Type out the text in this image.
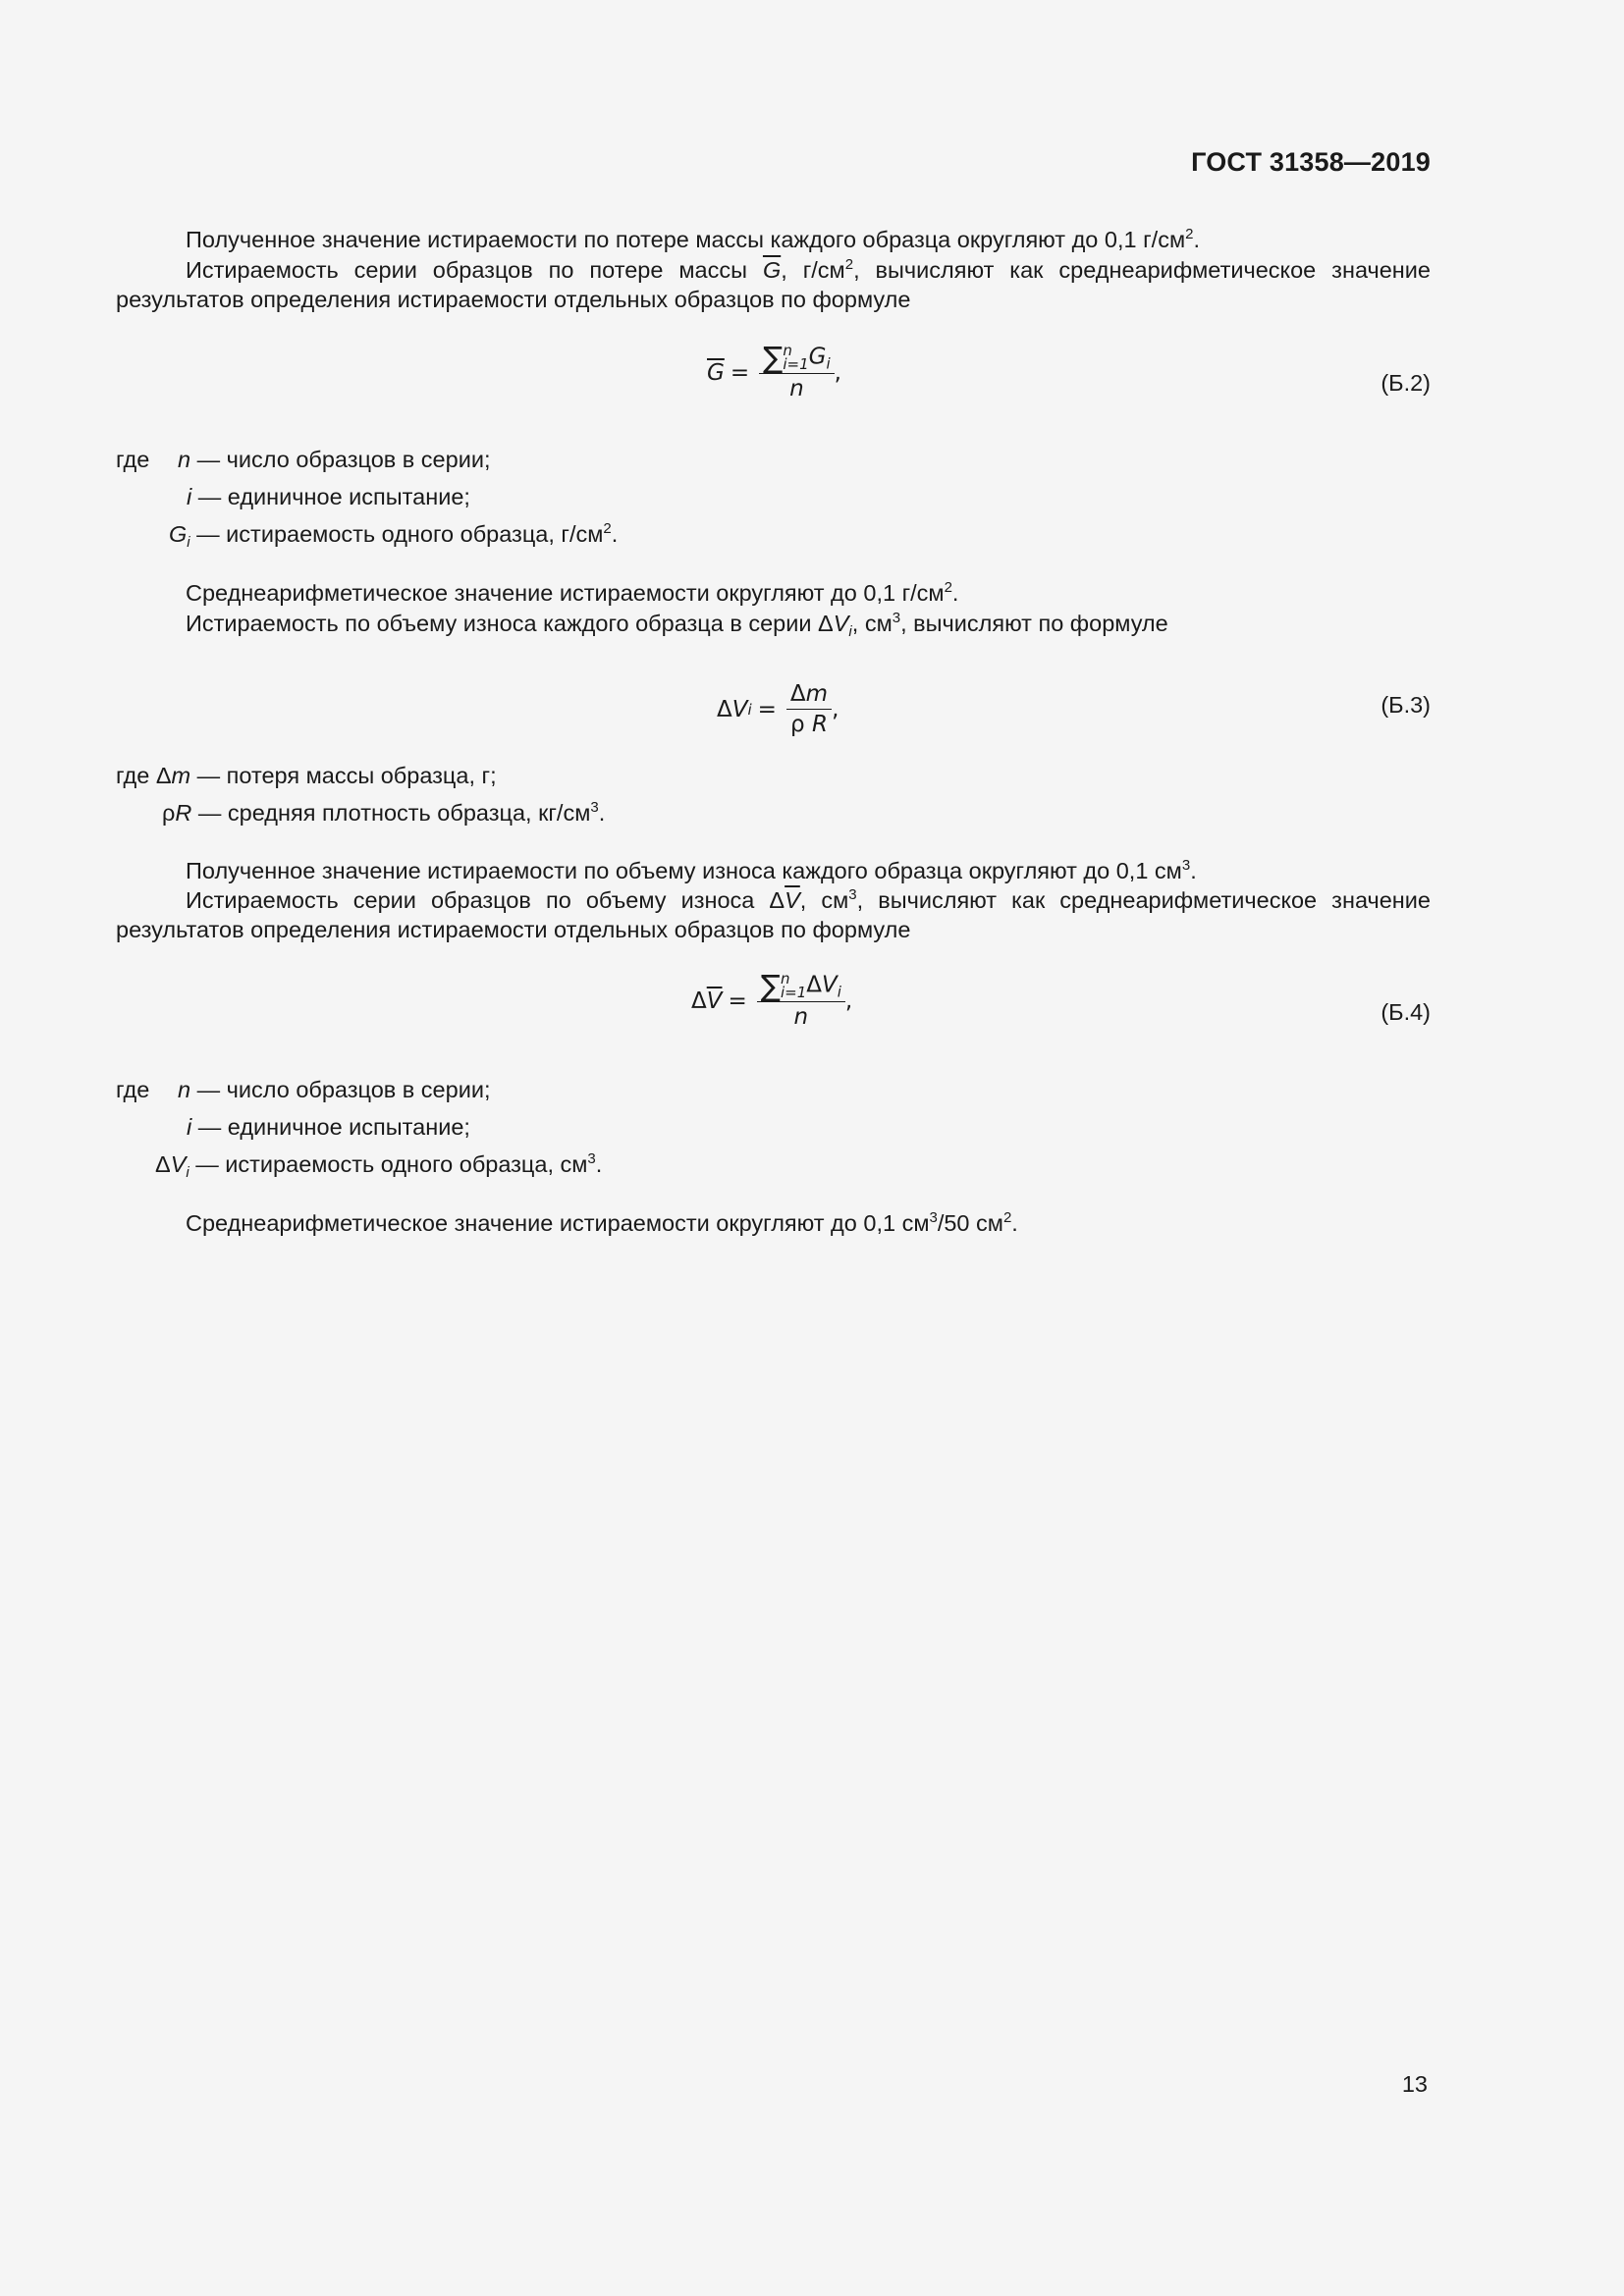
ГОСТ 31358—2019
Полученное значение истираемости по потере массы каждого образца округляют до 0,1 $г/см^2$.
Истираемость серии образцов по потере массы $\overline{G}$, $г/см^2$, вычисляют как среднеарифметическое значение результатов определения истираемости отдельных образцов по формуле
$\overline{G}$ = ∑ n
i=1 $G_i$
n ,	(Б.2)
где n — число образцов в серии;
i — единичное испытание;
$G_i$ — истираемость одного образца, $г/см^2$.
Среднеарифметическое значение истираемости округляют до 0,1 $г/см^2$.
Истираемость по объему износа каждого образца в серии $\Delta V_i$, $см^3$, вычисляют по формуле
Δ V $i = \frac{\Delta m}{\text{ρ R}}$ ,	(Б.3)
где Δm — потеря массы образца, г;
ρR — средняя плотность образца, $кг/см^3$.
Полученное значение истираемости по объему износа каждого образца округляют до 0,1 $см^3$.
Истираемость серии образцов по объему износа $\Delta\overline{V}$, $см^3$, вычисляют как среднеарифметическое значение результатов определения истираемости отдельных образцов по формуле
Δ $\overline{V}$ = ∑ n
i=1 $\Delta V_i$
n ,	(Б.4)
где n — число образцов в серии;
i — единичное испытание;
$\Delta V_i$ — истираемость одного образца, $см^3$.
Среднеарифметическое значение истираемости округляют до 0,1 $см^3/50$ $см^2$.
13
